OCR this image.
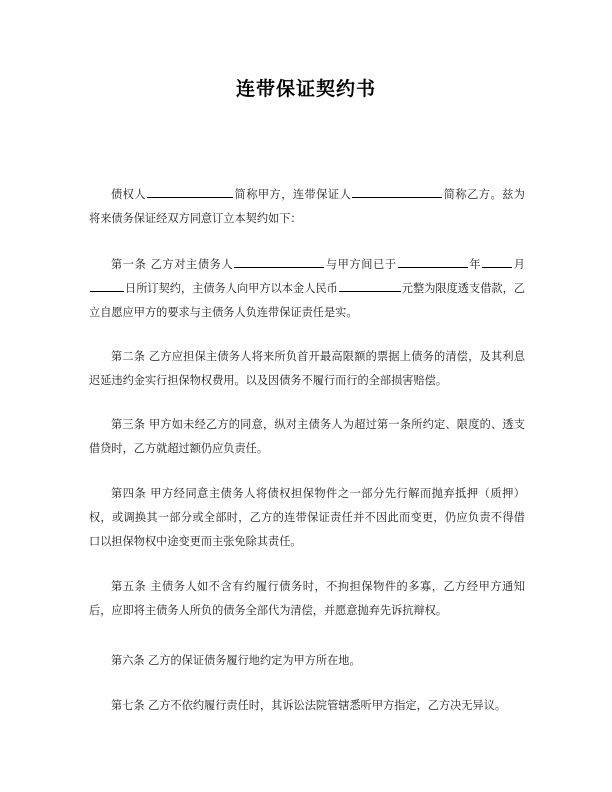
连带保证契约书

债权人	简称甲方，连带保证人	简称乙方。兹为将来债务保证经双方同意订立本契约如下：

第一条 乙方对主债务人	与甲方间已于	年	月日所订契约，主债务人向甲方以本金人民币	元整为限度透支借款，乙立自愿应甲方的要求与主债务人负连带保证责任是实。

第二条 乙方应担保主债务人将来所负首开最高限额的票据上债务的清偿，及其利息迟延违约金实行担保物权费用。以及因债务不履行而行的全部损害赔偿。

第三条 甲方如未经乙方的同意，纵对主债务人为超过第一条所约定、限度的、透支借贷时，乙方就超过额仍应负责任。

第四条 甲方经同意主债务人将债权担保物件之一部分先行解而抛弃抵押（质押）权，或调换其一部分或全部时，乙方的连带保证责任并不因此而变更，仍应负责不得借口以担保物权中途变更而主张免除其责任。

第五条 主债务人如不含有约履行债务时，不拘担保物件的多寡，乙方经甲方通知后，应即将主债务人所负的债务全部代为清偿，并愿意抛弃先诉抗辩权。

第六条 乙方的保证债务履行地约定为甲方所在地。

第七条 乙方不依约履行责任时，其诉讼法院管辖悉听甲方指定，乙方决无异议。
